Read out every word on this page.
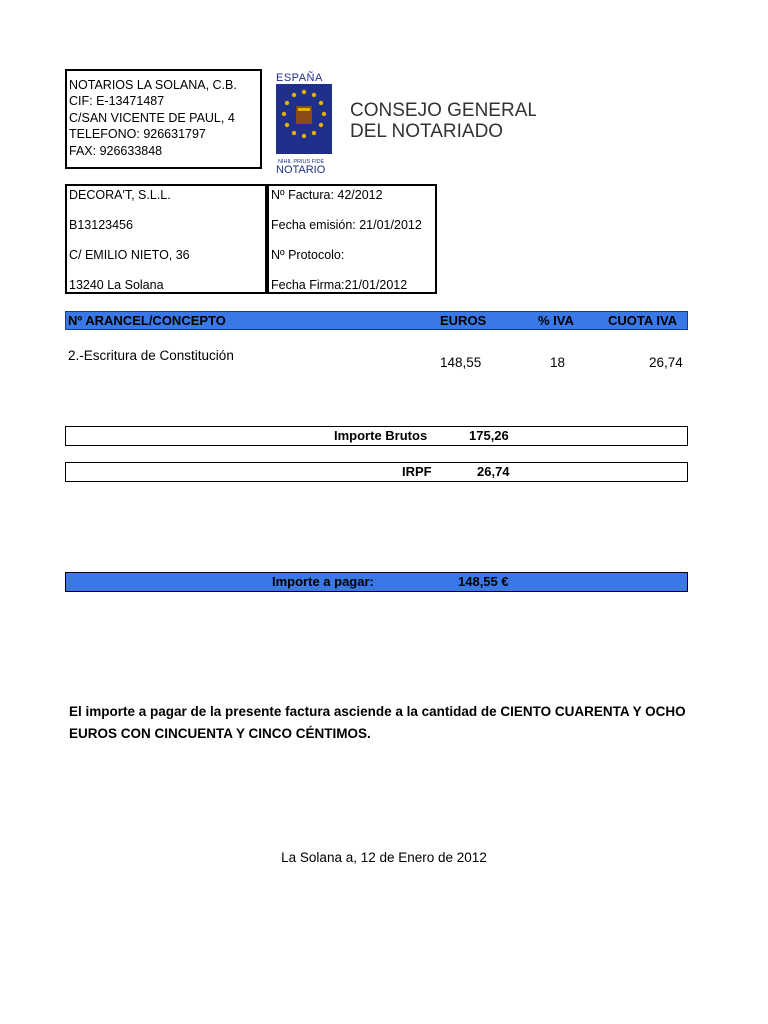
NOTARIOS LA SOLANA, C.B.
CIF: E-13471487
C/SAN VICENTE DE PAUL, 4
TELEFONO: 926631797
FAX: 926633848
ESPAÑA
NIHIL PRIUS FIDE
NOTARIO
CONSEJO GENERAL
DEL NOTARIADO
DECORA'T, S.L.L.
B13123456
C/ EMILIO NIETO, 36
13240 La Solana
Nº Factura: 42/2012
Fecha emisión: 21/01/2012
Nº Protocolo:
Fecha Firma:21/01/2012
Nº ARANCEL/CONCEPTO	EUROS	% IVA	CUOTA IVA
2.-Escritura de Constitución	148,55	18	26,74
Importe Brutos	175,26
IRPF	26,74
Importe a pagar:	148,55 €
El importe a pagar de la presente factura asciende a la cantidad de CIENTO CUARENTA Y OCHO EUROS CON CINCUENTA Y CINCO CÉNTIMOS.
La Solana a, 12 de Enero de 2012
